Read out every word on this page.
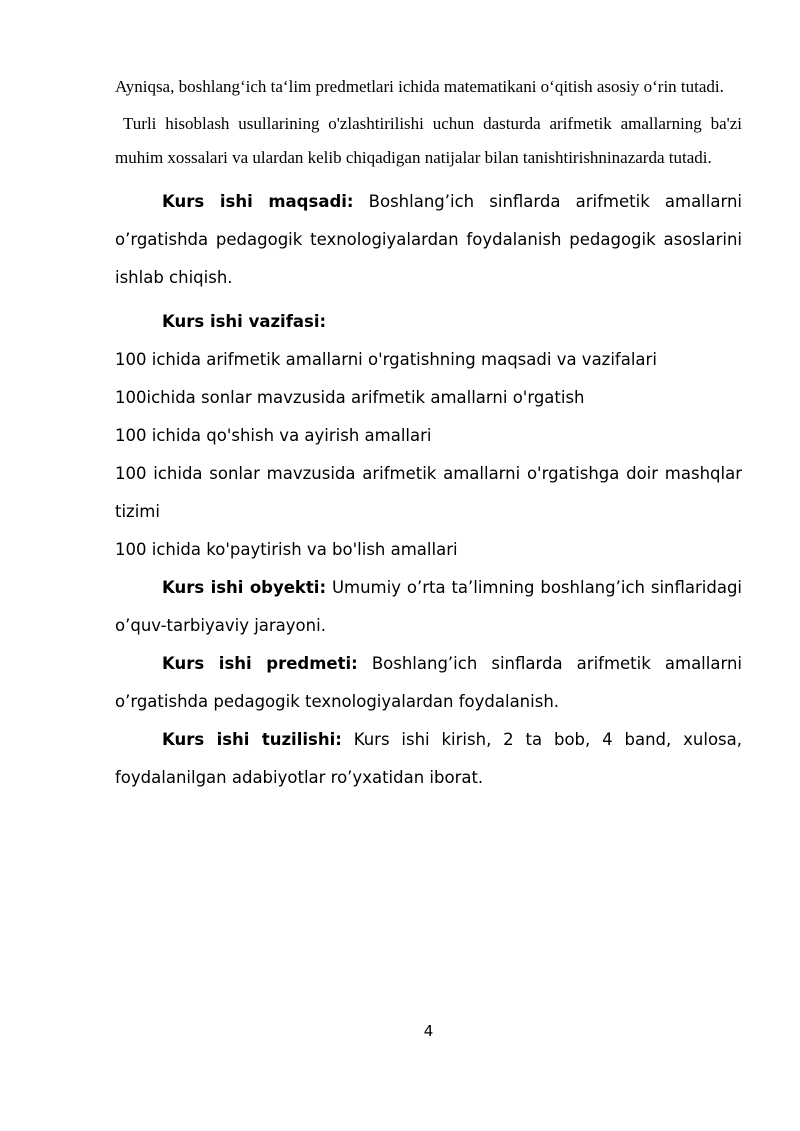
Ayniqsa, boshlang‘ich ta‘lim predmetlari ichida matematikani o‘qitish asosiy o‘rin tutadi.

Turli hisoblash usullarining o'zlashtirilishi uchun dasturda arifmetik amallarning ba'zi muhim xossalari va ulardan kelib chiqadigan natijalar bilan tanishtirishninazarda tutadi.

Kurs ishi maqsadi: Boshlang’ich sinflarda arifmetik amallarni o’rgatishda pedagogik texnologiyalardan foydalanish pedagogik asoslarini ishlab chiqish.

Kurs ishi vazifasi:

100 ichida arifmetik amallarni o'rgatishning maqsadi va vazifalari

100ichida sonlar mavzusida arifmetik amallarni o'rgatish

100 ichida qo'shish va ayirish amallari

100 ichida sonlar mavzusida arifmetik amallarni o'rgatishga doir mashqlar tizimi

100 ichida ko'paytirish va bo'lish amallari

Kurs ishi obyekti: Umumiy o’rta ta’limning boshlang’ich sinflaridagi o’quv-tarbiyaviy jarayoni.

Kurs ishi predmeti: Boshlang’ich sinflarda arifmetik amallarni o’rgatishda pedagogik texnologiyalardan foydalanish.

Kurs ishi tuzilishi: Kurs ishi kirish, 2 ta bob, 4 band, xulosa, foydalanilgan adabiyotlar ro’yxatidan iborat.

4
